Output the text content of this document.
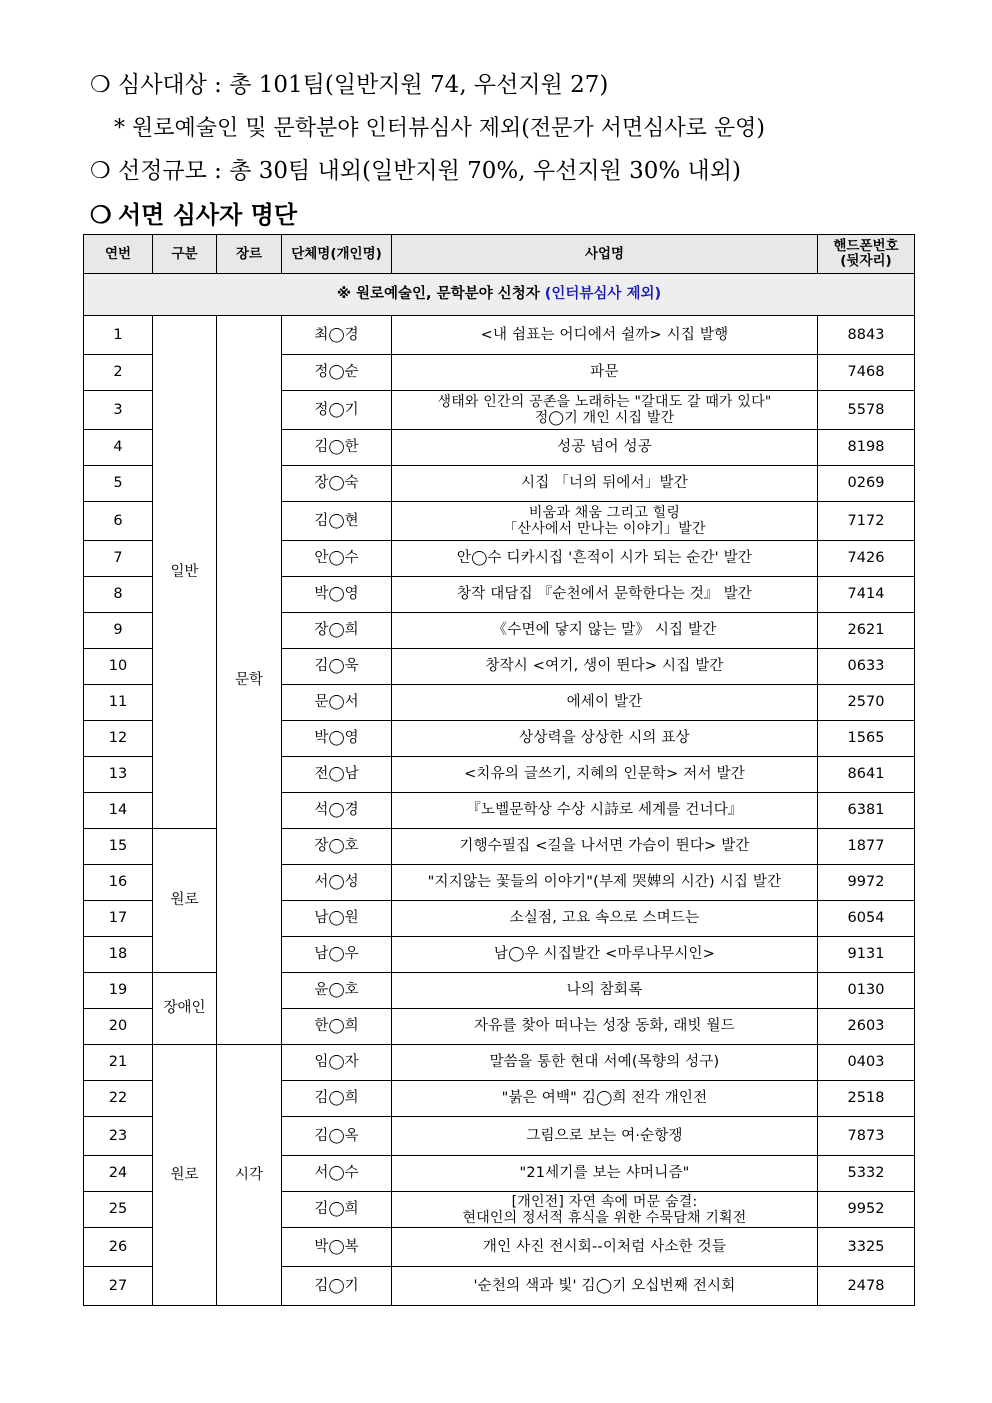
❍ 심사대상 : 총 101팀(일반지원 74, 우선지원 27)
* 원로예술인 및 문학분야 인터뷰심사 제외(전문가 서면심사로 운영)
❍ 선정규모 : 총 30팀 내외(일반지원 70%, 우선지원 30% 내외)
❍ 서면 심사자 명단
연번	구분	장르	단체명(개인명)	사업명	핸드폰번호
(뒷자리)
※ 원로예술인, 문학분야 신청자 (인터뷰심사 제외)					
1	일반	문학	최◯경	<내 쉼표는 어디에서 쉴까> 시집 발행	8843
2			정◯순	파문	7468
3			정◯기	생태와 인간의 공존을 노래하는 "갈대도 갈 때가 있다"
정◯기 개인 시집 발간	5578
4			김◯한	성공 넘어 성공	8198
5			장◯숙	시집 「너의 뒤에서」발간	0269
6			김◯현	비움과 채움 그리고 힐링
「산사에서 만나는 이야기」발간	7172
7			안◯수	안◯수 디카시집 '흔적이 시가 되는 순간' 발간	7426
8			박◯영	창작 대담집 『순천에서 문학한다는 것』 발간	7414
9			장◯희	《수면에 닿지 않는 말》 시집 발간	2621
10			김◯욱	창작시 <여기, 생이 뛴다> 시집 발간	0633
11			문◯서	에세이 발간	2570
12			박◯영	상상력을 상상한 시의 표상	1565
13			전◯남	<치유의 글쓰기, 지혜의 인문학> 저서 발간	8641
14			석◯경	『노벨문학상 수상 시詩로 세계를 건너다』	6381
15	원로		장◯호	기행수필집 <길을 나서면 가슴이 뛴다> 발간	1877
16			서◯성	"지지않는 꽃들의 이야기"(부제 哭婢의 시간) 시집 발간	9972
17			남◯원	소실점, 고요 속으로 스며드는	6054
18			남◯우	남◯우 시집발간 <마루나무시인>	9131
19	장애인		윤◯호	나의 참회록	0130
20			한◯희	자유를 찾아 떠나는 성장 동화, 래빗 월드	2603
21	원로	시각	임◯자	말씀을 통한 현대 서예(목향의 성구)	0403
22			김◯희	"붉은 여백" 김◯희 전각 개인전	2518
23			김◯옥	그림으로 보는 여·순항쟁	7873
24			서◯수	"21세기를 보는 샤머니즘"	5332
25			김◯희	[개인전] 자연 속에 머문 숨결:
현대인의 정서적 휴식을 위한 수묵담채 기획전	9952
26			박◯복	개인 사진 전시회--이처럼 사소한 것들	3325
27			김◯기	'순천의 색과 빛' 김◯기 오십번째 전시회	2478
